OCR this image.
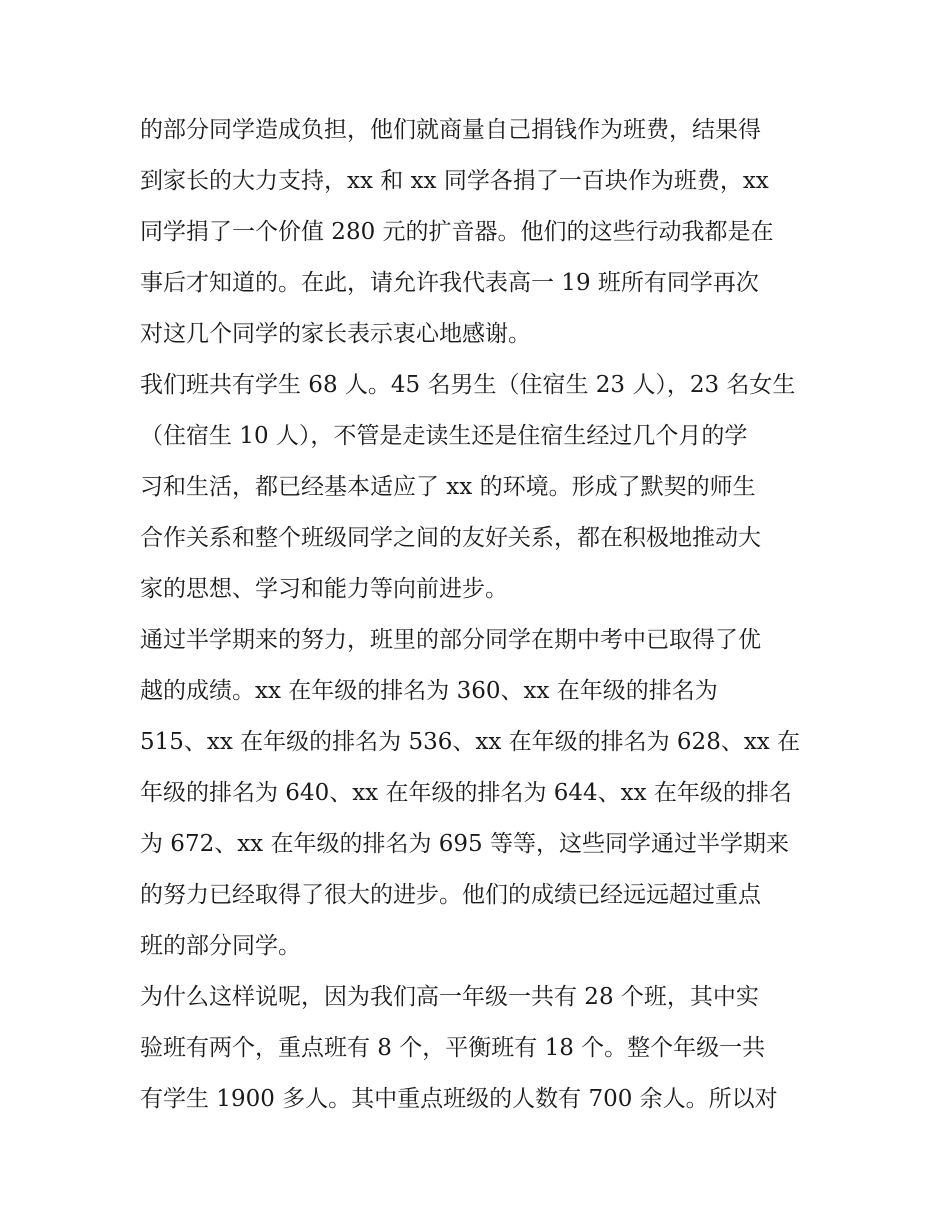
的部分同学造成负担，他们就商量自己捐钱作为班费，结果得
到家长的大力支持，xx 和 xx 同学各捐了一百块作为班费，xx
同学捐了一个价值 280 元的扩音器。他们的这些行动我都是在
事后才知道的。在此，请允许我代表高一 19 班所有同学再次
对这几个同学的家长表示衷心地感谢。
我们班共有学生 68 人。45 名男生（住宿生 23 人），23 名女生
（住宿生 10 人），不管是走读生还是住宿生经过几个月的学
习和生活，都已经基本适应了 xx 的环境。形成了默契的师生
合作关系和整个班级同学之间的友好关系，都在积极地推动大
家的思想、学习和能力等向前进步。
通过半学期来的努力，班里的部分同学在期中考中已取得了优
越的成绩。xx 在年级的排名为 360、xx 在年级的排名为
515、xx 在年级的排名为 536、xx 在年级的排名为 628、xx 在
年级的排名为 640、xx 在年级的排名为 644、xx 在年级的排名
为 672、xx 在年级的排名为 695 等等，这些同学通过半学期来
的努力已经取得了很大的进步。他们的成绩已经远远超过重点
班的部分同学。
为什么这样说呢，因为我们高一年级一共有 28 个班，其中实
验班有两个，重点班有 8 个，平衡班有 18 个。整个年级一共
有学生 1900 多人。其中重点班级的人数有 700 余人。所以对
